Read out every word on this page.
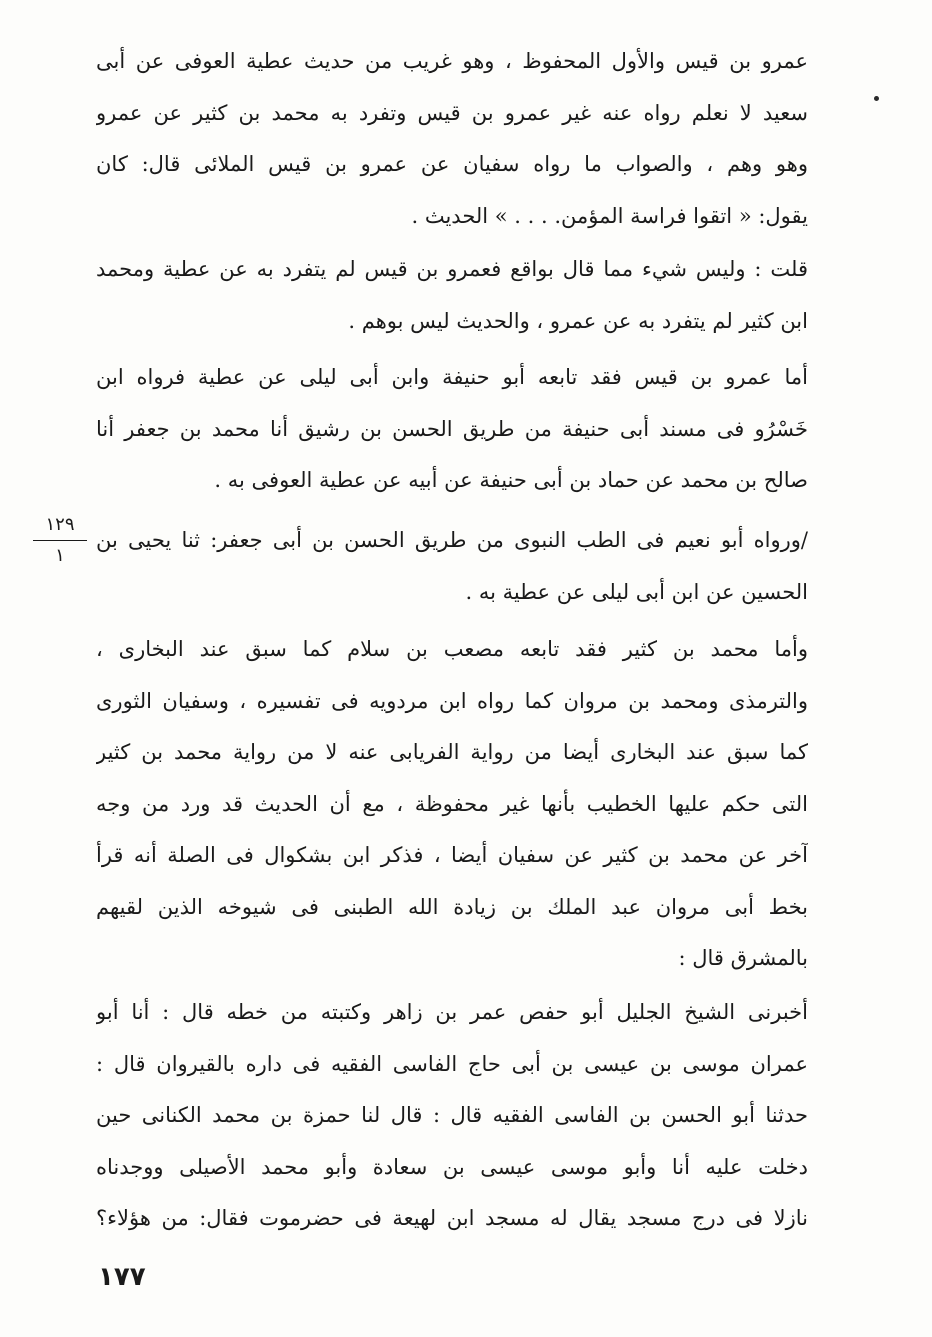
عمرو بن قيس والأول المحفوظ ، وهو غريب من حديث عطية العوفى عن أبى
سعيد لا نعلم رواه عنه غير عمرو بن قيس وتفرد به محمد بن كثير عن عمرو
وهو وهم ، والصواب ما رواه سفيان عن عمرو بن قيس الملائى قال: كان
يقول: « اتقوا فراسة المؤمن. . . . » الحديث .
قلت : وليس شيء مما قال بواقع فعمرو بن قيس لم يتفرد به عن عطية ومحمد
ابن كثير لم يتفرد به عن عمرو ، والحديث ليس بوهم .
أما عمرو بن قيس فقد تابعه أبو حنيفة وابن أبى ليلى عن عطية فرواه ابن
خَسْرُو فى مسند أبى حنيفة من طريق الحسن بن رشيق أنا محمد بن جعفر أنا
صالح بن محمد عن حماد بن أبى حنيفة عن أبيه عن عطية العوفى به .
١٢٩
١
/ورواه أبو نعيم فى الطب النبوى من طريق الحسن بن أبى جعفر: ثنا يحيى بن
الحسين عن ابن أبى ليلى عن عطية به .
وأما محمد بن كثير فقد تابعه مصعب بن سلام كما سبق عند البخارى ،
والترمذى ومحمد بن مروان كما رواه ابن مردويه فى تفسيره ، وسفيان الثورى
كما سبق عند البخارى أيضا من رواية الفريابى عنه لا من رواية محمد بن كثير
التى حكم عليها الخطيب بأنها غير محفوظة ، مع أن الحديث قد ورد من وجه
آخر عن محمد بن كثير عن سفيان أيضا ، فذكر ابن بشكوال فى الصلة أنه قرأ
بخط أبى مروان عبد الملك بن زيادة الله الطبنى فى شيوخه الذين لقيهم
بالمشرق قال :
أخبرنى الشيخ الجليل أبو حفص عمر بن زاهر وكتبته من خطه قال : أنا أبو
عمران موسى بن عيسى بن أبى حاج الفاسى الفقيه فى داره بالقيروان قال :
حدثنا أبو الحسن بن الفاسى الفقيه قال : قال لنا حمزة بن محمد الكنانى حين
دخلت عليه أنا وأبو موسى عيسى بن سعادة وأبو محمد الأصيلى ووجدناه
نازلا فى درج مسجد يقال له مسجد ابن لهيعة فى حضرموت فقال: من هؤلاء؟
١٧٧
